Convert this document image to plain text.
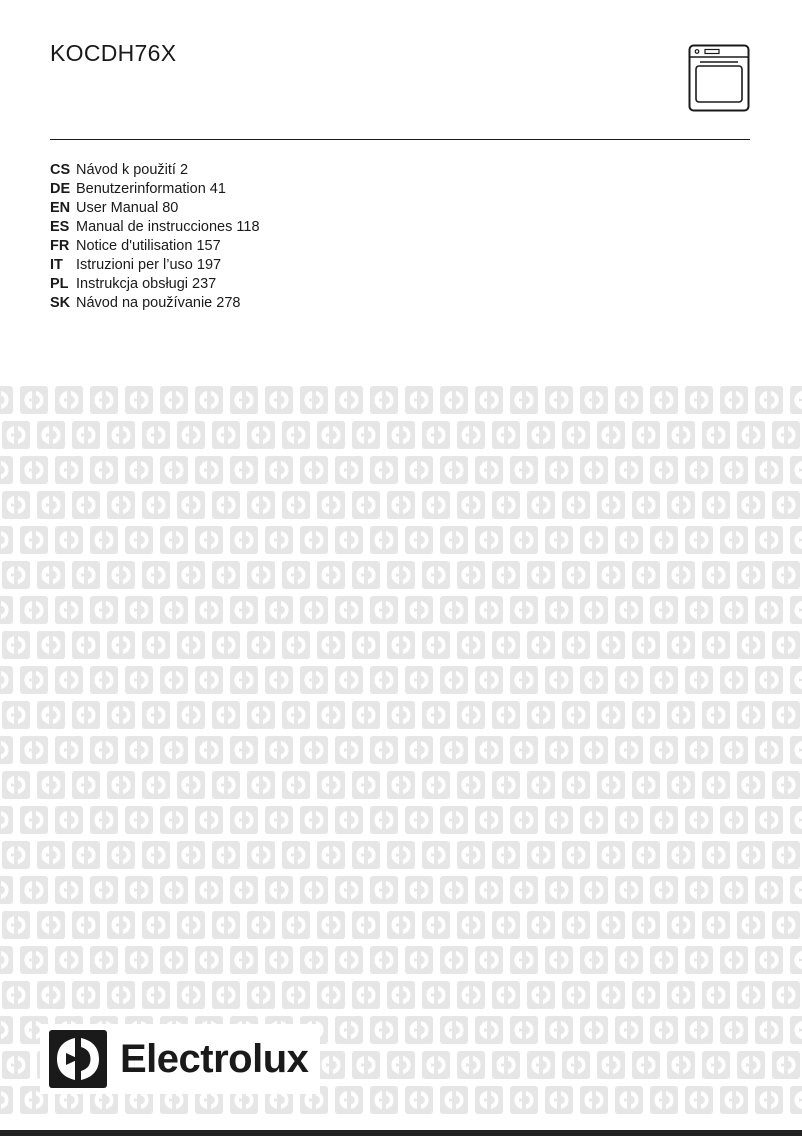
KOCDH76X
CS Návod k použití 2
DE Benutzerinformation 41
EN User Manual 80
ES Manual de instrucciones 118
FR Notice d'utilisation 157
IT Istruzioni per l’uso 197
PL Instrukcja obsługi 237
SK Návod na používanie 278
Electrolux
